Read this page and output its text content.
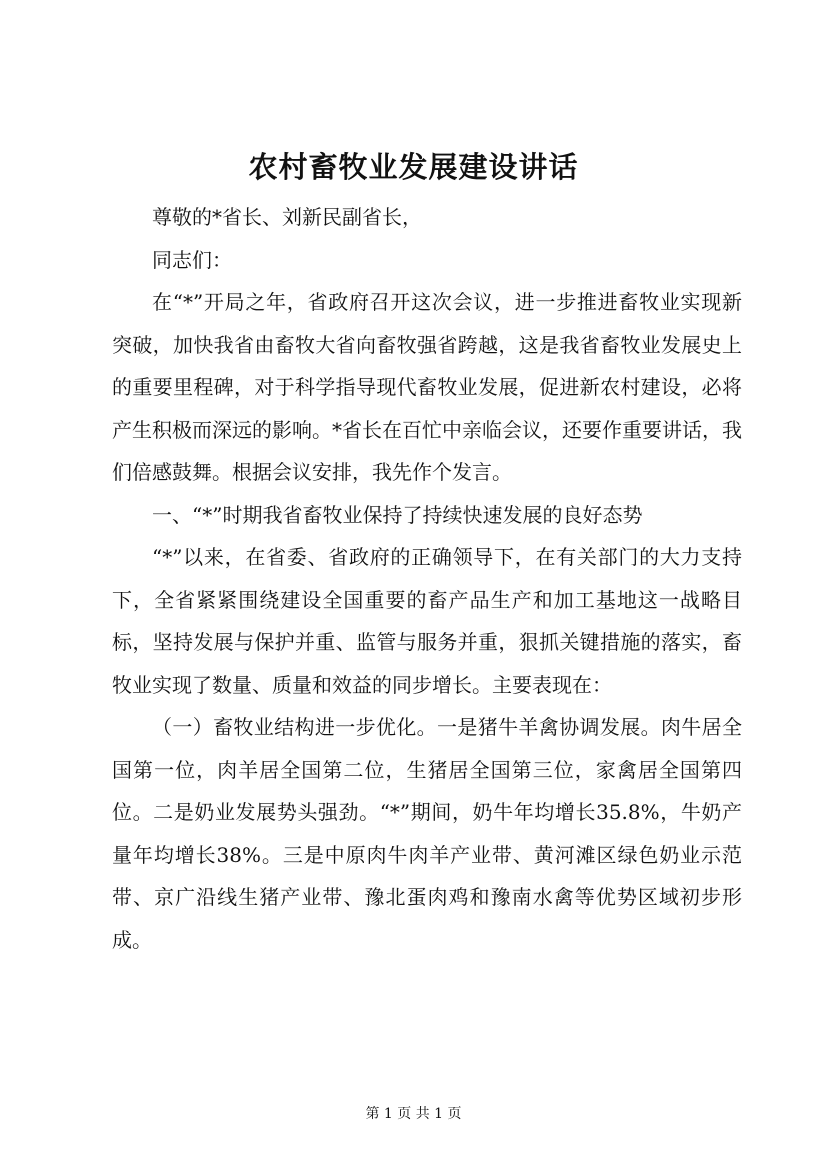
农村畜牧业发展建设讲话

尊敬的*省长、刘新民副省长，

同志们：

在“*”开局之年，省政府召开这次会议，进一步推进畜牧业实现新突破，加快我省由畜牧大省向畜牧强省跨越，这是我省畜牧业发展史上的重要里程碑，对于科学指导现代畜牧业发展，促进新农村建设，必将产生积极而深远的影响。*省长在百忙中亲临会议，还要作重要讲话，我们倍感鼓舞。根据会议安排，我先作个发言。

一、“*”时期我省畜牧业保持了持续快速发展的良好态势

“*”以来，在省委、省政府的正确领导下，在有关部门的大力支持下，全省紧紧围绕建设全国重要的畜产品生产和加工基地这一战略目标，坚持发展与保护并重、监管与服务并重，狠抓关键措施的落实，畜牧业实现了数量、质量和效益的同步增长。主要表现在：

（一）畜牧业结构进一步优化。一是猪牛羊禽协调发展。肉牛居全国第一位，肉羊居全国第二位，生猪居全国第三位，家禽居全国第四位。二是奶业发展势头强劲。“*”期间，奶牛年均增长35.8%，牛奶产量年均增长38%。三是中原肉牛肉羊产业带、黄河滩区绿色奶业示范带、京广沿线生猪产业带、豫北蛋肉鸡和豫南水禽等优势区域初步形成。

第 1 页 共 1 页
